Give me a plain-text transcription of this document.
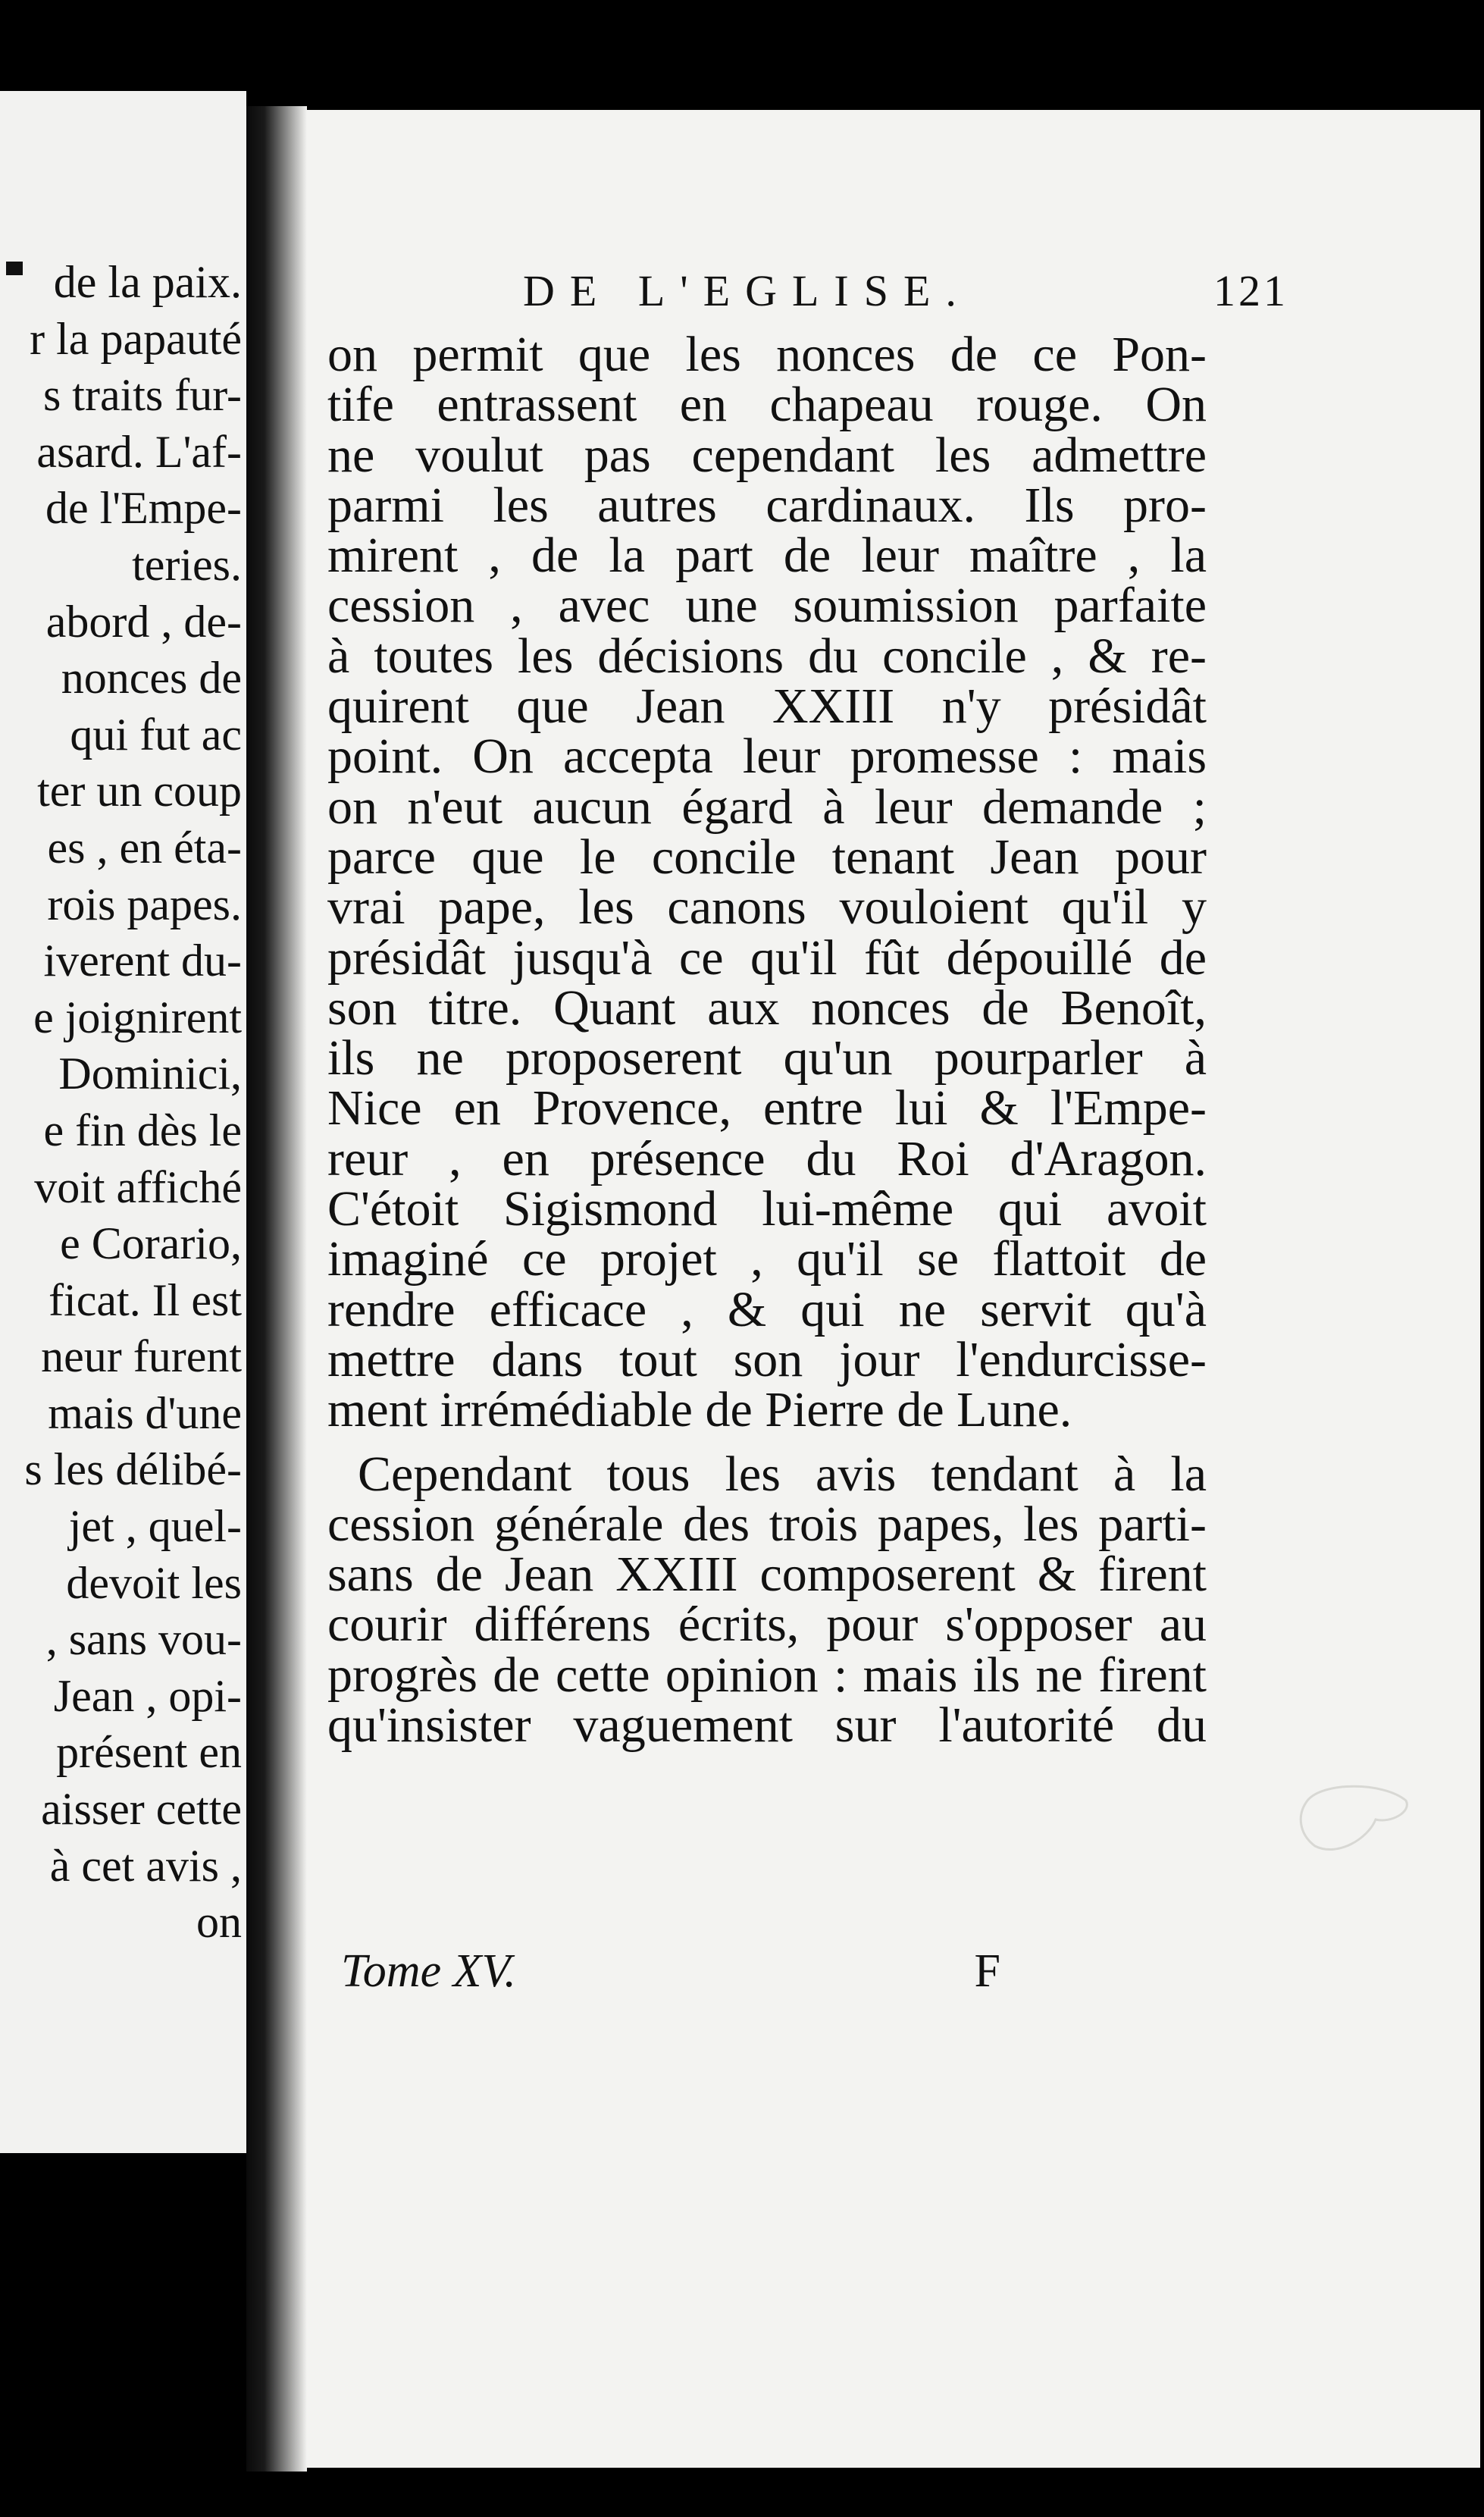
de la paix.
r la papauté
s traits fur-
asard. L'af-
de l'Empe-
teries.
abord , de-
nonces de
qui fut ac
ter un coup
es , en éta-
rois papes.
iverent du-
e joignirent
Dominici,
e fin dès le
voit affiché
e Corario,
ficat. Il est
neur furent
mais d'une
s les délibé-
jet , quel-
devoit les
, sans vou-
Jean , opi-
présent en
aisser cette
à cet avis ,
on
DE L'EGLISE.	121
on permit que les nonces de ce Pon-
tife entrassent en chapeau rouge. On
ne voulut pas cependant les admettre
parmi les autres cardinaux. Ils pro-
mirent , de la part de leur maître , la
cession , avec une soumission parfaite
à toutes les décisions du concile , & re-
quirent que Jean XXIII n'y présidât
point. On accepta leur promesse : mais
on n'eut aucun égard à leur demande ;
parce que le concile tenant Jean pour
vrai pape, les canons vouloient qu'il y
présidât jusqu'à ce qu'il fût dépouillé de
son titre. Quant aux nonces de Benoît,
ils ne proposerent qu'un pourparler à
Nice en Provence, entre lui & l'Empe-
reur , en présence du Roi d'Aragon.
C'étoit Sigismond lui-même qui avoit
imaginé ce projet , qu'il se flattoit de
rendre efficace , & qui ne servit qu'à
mettre dans tout son jour l'endurcisse-
ment irrémédiable de Pierre de Lune.
Cependant tous les avis tendant à la
cession générale des trois papes, les parti-
sans de Jean XXIII composerent & firent
courir différens écrits, pour s'opposer au
progrès de cette opinion : mais ils ne firent
qu'insister vaguement sur l'autorité du
Tome XV.	F
